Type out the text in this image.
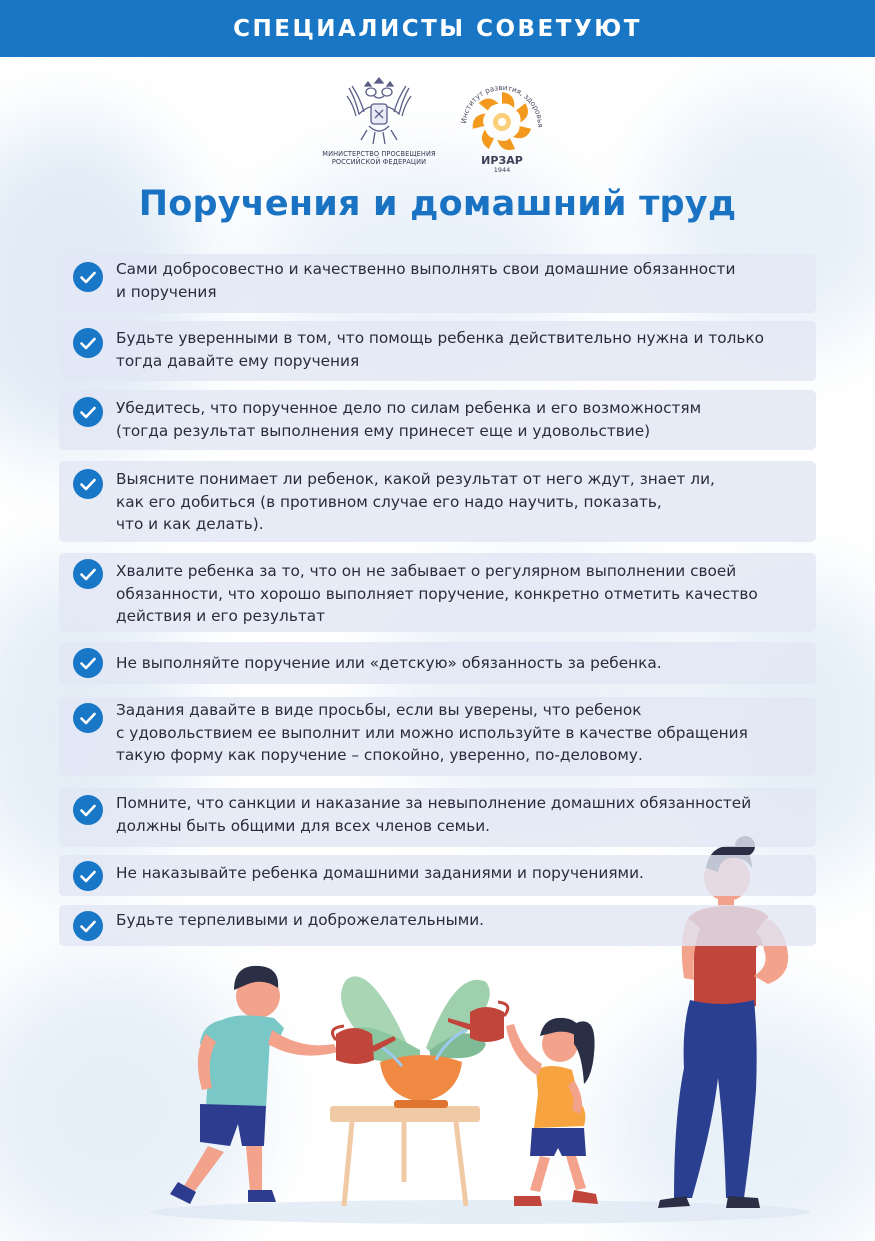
СПЕЦИАЛИСТЫ СОВЕТУЮТ
МИНИСТЕРСТВО ПРОСВЕЩЕНИЯ
РОССИЙСКОЙ ФЕДЕРАЦИИ
Институт развития, здоровья
ИРЗАР
1944
Поручения и домашний труд
Сами добросовестно и качественно выполнять свои домашние обязанности
и поручения
Будьте уверенными в том, что помощь ребенка действительно нужна и только
тогда давайте ему поручения
Убедитесь, что порученное дело по силам ребенка и его возможностям
(тогда результат выполнения ему принесет еще и удовольствие)
Выясните понимает ли ребенок, какой результат от него ждут, знает ли,
как его добиться (в противном случае его надо научить, показать,
что и как делать).
Хвалите ребенка за то, что он не забывает о регулярном выполнении своей
обязанности, что хорошо выполняет поручение, конкретно отметить качество
действия и его результат
Не выполняйте поручение или «детскую» обязанность за ребенка.
Задания давайте в виде просьбы, если вы уверены, что ребенок
с удовольствием ее выполнит или можно используйте в качестве обращения
такую форму как поручение – спокойно, уверенно, по-деловому.
Помните, что санкции и наказание за невыполнение домашних обязанностей
должны быть общими для всех членов семьи.
Не наказывайте ребенка домашними заданиями и поручениями.
Будьте терпеливыми и доброжелательными.
